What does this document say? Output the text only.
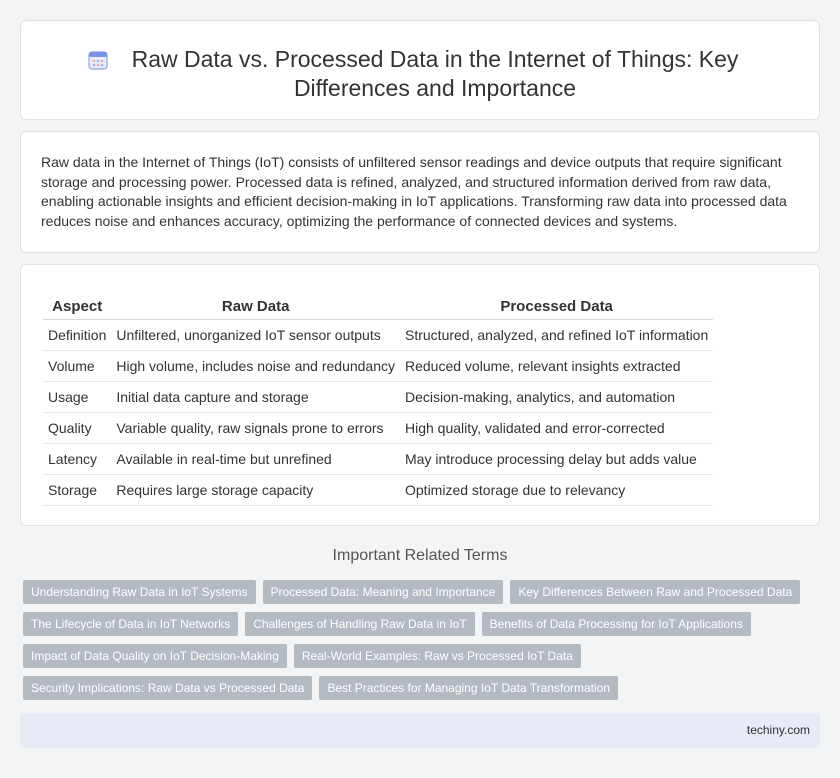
Raw Data vs. Processed Data in the Internet of Things: Key Differences and Importance

Raw data in the Internet of Things (IoT) consists of unfiltered sensor readings and device outputs that require significant storage and processing power. Processed data is refined, analyzed, and structured information derived from raw data, enabling actionable insights and efficient decision-making in IoT applications. Transforming raw data into processed data reduces noise and enhances accuracy, optimizing the performance of connected devices and systems.

Aspect	Raw Data	Processed Data
Definition	Unfiltered, unorganized IoT sensor outputs	Structured, analyzed, and refined IoT information
Volume	High volume, includes noise and redundancy	Reduced volume, relevant insights extracted
Usage	Initial data capture and storage	Decision-making, analytics, and automation
Quality	Variable quality, raw signals prone to errors	High quality, validated and error-corrected
Latency	Available in real-time but unrefined	May introduce processing delay but adds value
Storage	Requires large storage capacity	Optimized storage due to relevancy
Important Related Terms
Understanding Raw Data in IoT Systems	Processed Data: Meaning and Importance	Key Differences Between Raw and Processed Data
The Lifecycle of Data in IoT Networks	Challenges of Handling Raw Data in IoT	Benefits of Data Processing for IoT Applications
Impact of Data Quality on IoT Decision-Making	Real-World Examples: Raw vs Processed IoT Data
Security Implications: Raw Data vs Processed Data	Best Practices for Managing IoT Data Transformation
techiny.com
